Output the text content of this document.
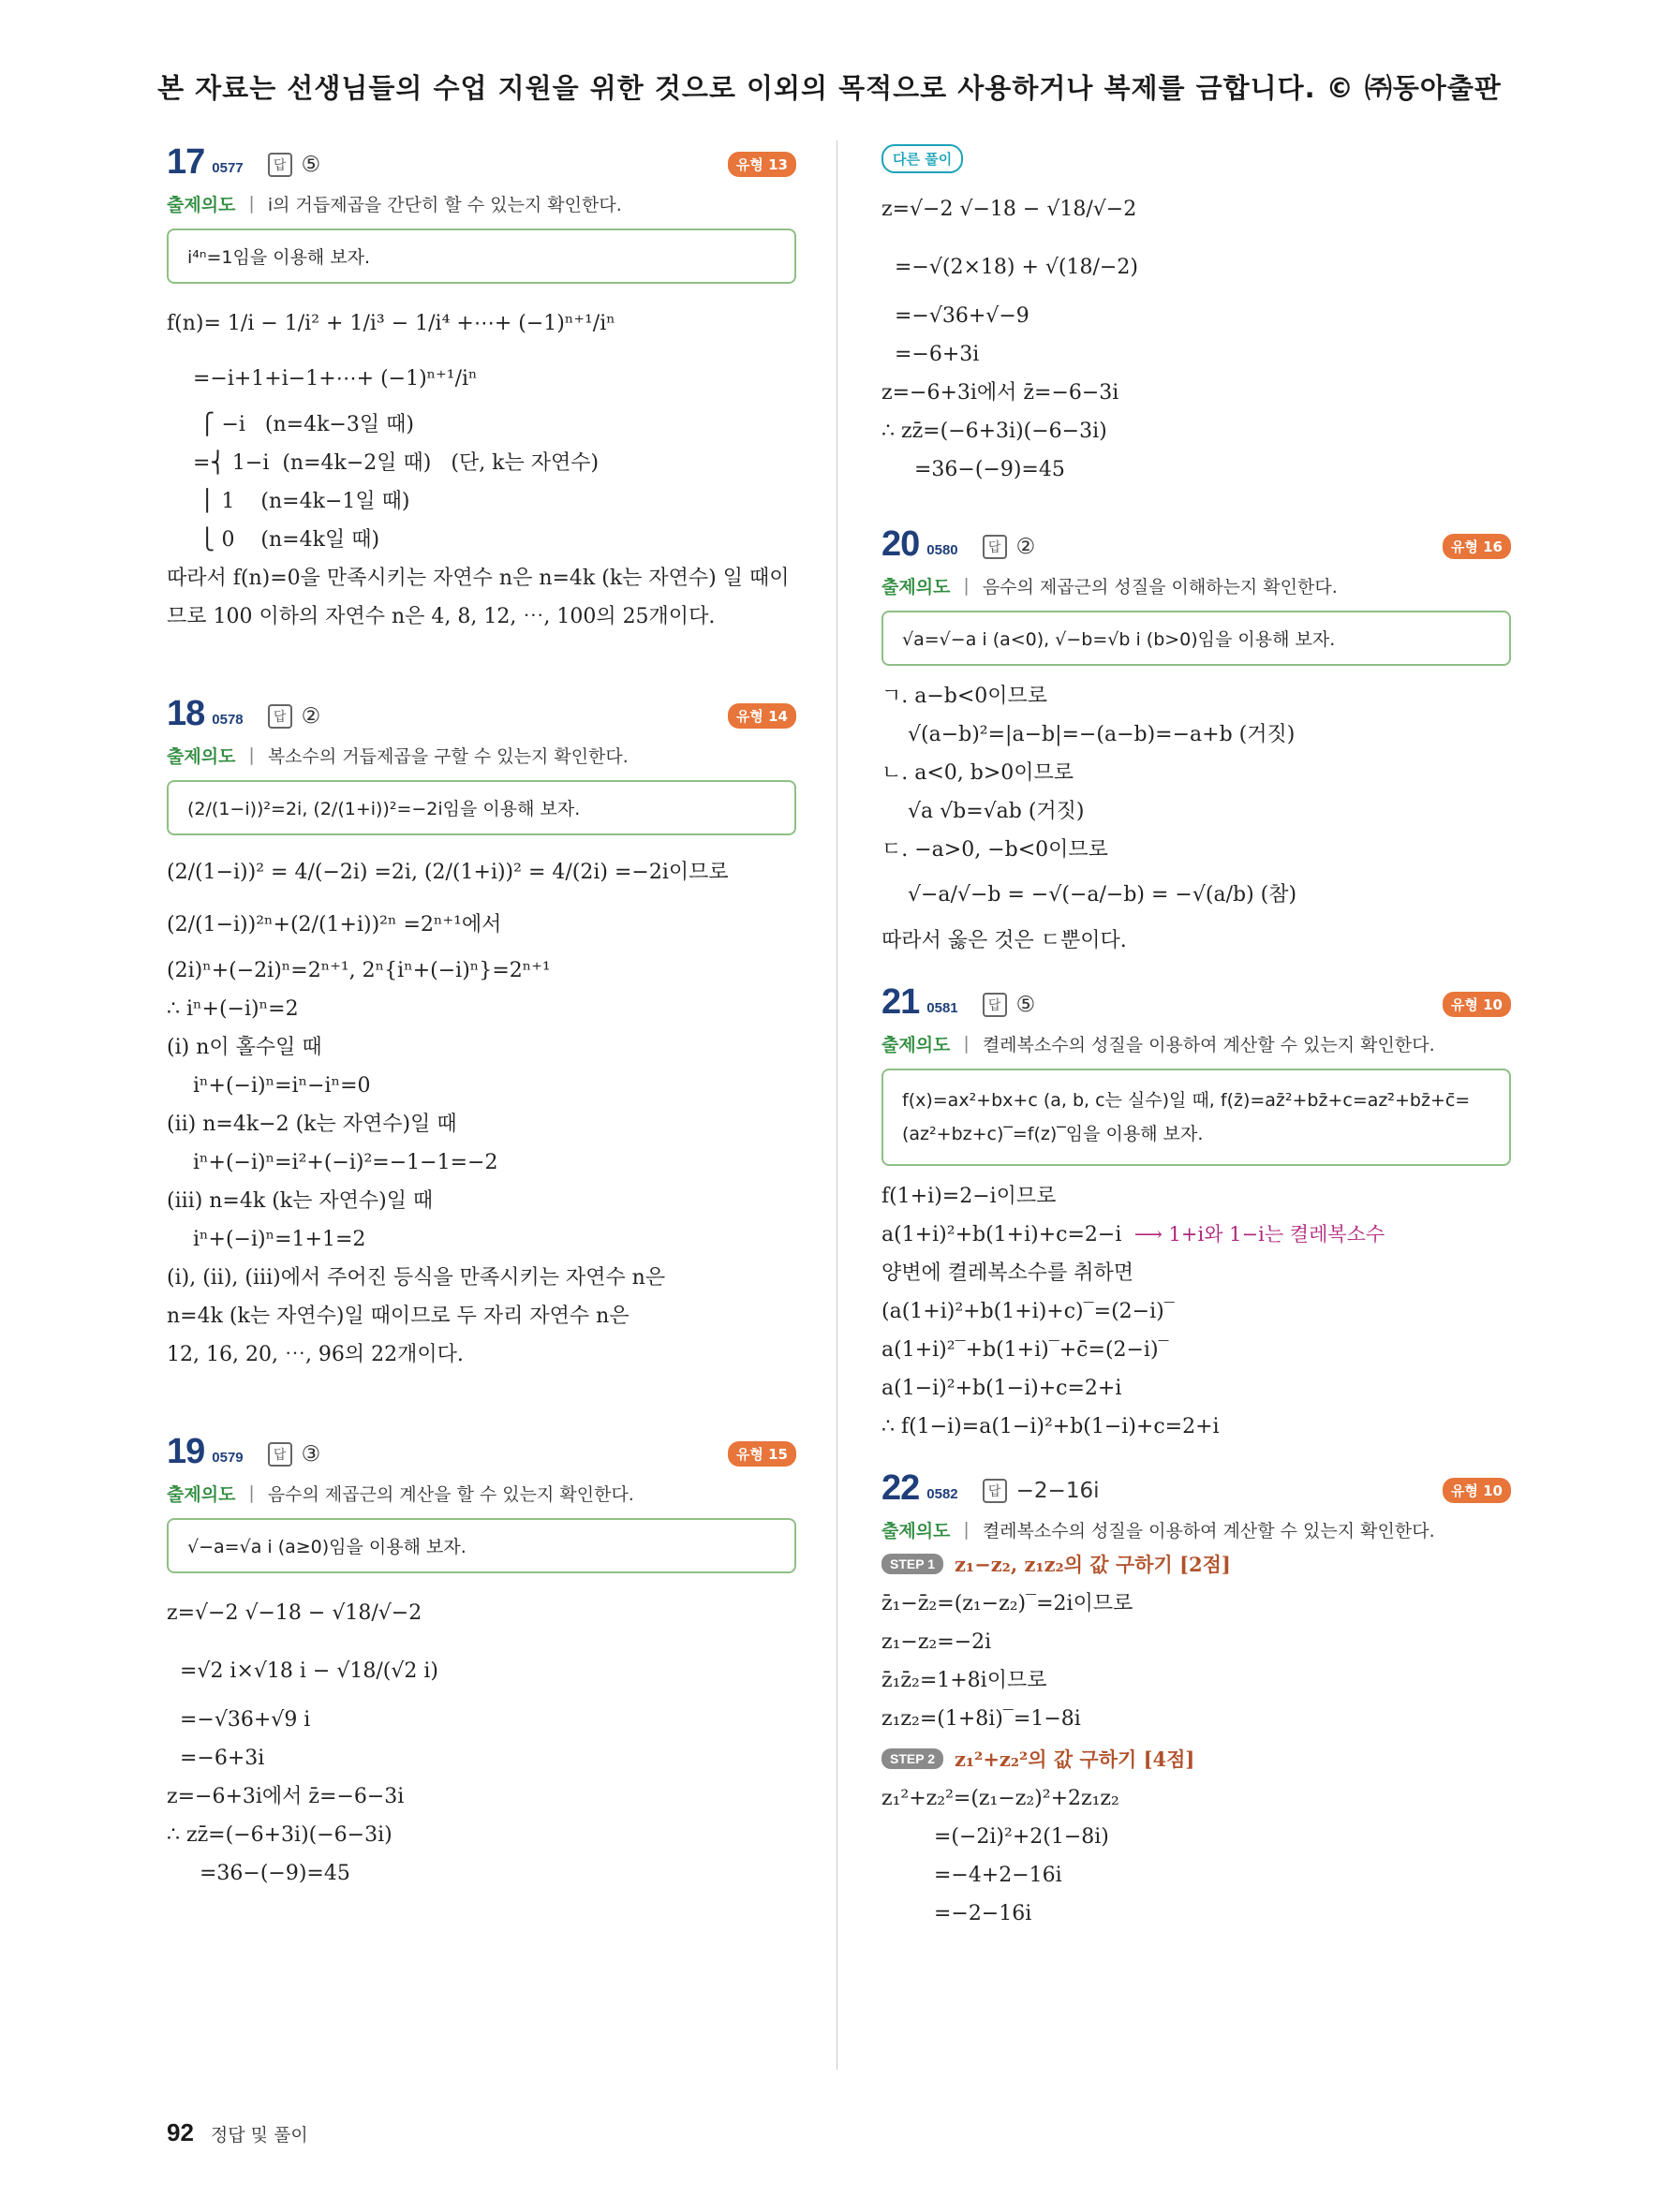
본 자료는 선생님들의 수업 지원을 위한 것으로 이외의 목적으로 사용하거나 복제를 금합니다. © ㈜동아출판
17 0577	답 ⑤	유형 13
출제의도 | i의 거듭제곱을 간단히 할 수 있는지 확인한다.
i⁴ⁿ=1임을 이용해 보자.
f(n)= 1/i − 1/i² + 1/i³ − 1/i⁴ +⋯+ (−1)ⁿ⁺¹/iⁿ
=−i+1+i−1+⋯+ (−1)ⁿ⁺¹/iⁿ
⎧ −i   (n=4k−3일 때)
=⎨ 1−i  (n=4k−2일 때)   (단, k는 자연수)
⎪ 1    (n=4k−1일 때)
⎩ 0    (n=4k일 때)
따라서 f(n)=0을 만족시키는 자연수 n은 n=4k (k는 자연수) 일 때이므로 100 이하의 자연수 n은 4, 8, 12, ⋯, 100의 25개이다.
18 0578	답 ②	유형 14
출제의도 | 복소수의 거듭제곱을 구할 수 있는지 확인한다.
(2/(1−i))²=2i, (2/(1+i))²=−2i임을 이용해 보자.
(2/(1−i))² = 4/(−2i) =2i, (2/(1+i))² = 4/(2i) =−2i이므로
(2/(1−i))²ⁿ+(2/(1+i))²ⁿ =2ⁿ⁺¹에서
(2i)ⁿ+(−2i)ⁿ=2ⁿ⁺¹, 2ⁿ{iⁿ+(−i)ⁿ}=2ⁿ⁺¹
∴ iⁿ+(−i)ⁿ=2
(ⅰ) n이 홀수일 때
iⁿ+(−i)ⁿ=iⁿ−iⁿ=0
(ⅱ) n=4k−2 (k는 자연수)일 때
iⁿ+(−i)ⁿ=i²+(−i)²=−1−1=−2
(ⅲ) n=4k (k는 자연수)일 때
iⁿ+(−i)ⁿ=1+1=2
(ⅰ), (ⅱ), (ⅲ)에서 주어진 등식을 만족시키는 자연수 n은
n=4k (k는 자연수)일 때이므로 두 자리 자연수 n은
12, 16, 20, ⋯, 96의 22개이다.
19 0579	답 ③	유형 15
출제의도 | 음수의 제곱근의 계산을 할 수 있는지 확인한다.
√−a=√a i (a≥0)임을 이용해 보자.
z=√−2 √−18 − √18/√−2
=√2 i×√18 i − √18/(√2 i)
=−√36+√9 i
=−6+3i
z=−6+3i에서 z̄=−6−3i
∴ zz̄=(−6+3i)(−6−3i)
=36−(−9)=45
다른 풀이
z=√−2 √−18 − √18/√−2
=−√(2×18) + √(18/−2)
=−√36+√−9
=−6+3i
z=−6+3i에서 z̄=−6−3i
∴ zz̄=(−6+3i)(−6−3i)
=36−(−9)=45
20 0580	답 ②	유형 16
출제의도 | 음수의 제곱근의 성질을 이해하는지 확인한다.
√a=√−a i (a<0), √−b=√b i (b>0)임을 이용해 보자.
ㄱ. a−b<0이므로
√(a−b)²=|a−b|=−(a−b)=−a+b (거짓)
ㄴ. a<0, b>0이므로
√a √b=√ab (거짓)
ㄷ. −a>0, −b<0이므로
√−a/√−b = −√(−a/−b) = −√(a/b) (참)
따라서 옳은 것은 ㄷ뿐이다.
21 0581	답 ⑤	유형 10
출제의도 | 켤레복소수의 성질을 이용하여 계산할 수 있는지 확인한다.
f(x)=ax²+bx+c (a, b, c는 실수)일 때, f(z̄)=az̄²+bz̄+c=az²̄+bz̄+c̄=(az²+bz+c)‾=f(z)‾임을 이용해 보자.
f(1+i)=2−i이므로
a(1+i)²+b(1+i)+c=2−i  ⟶ 1+i와 1−i는 켤레복소수
양변에 켤레복소수를 취하면
(a(1+i)²+b(1+i)+c)‾=(2−i)‾
a(1+i)²‾+b(1+i)‾+c̄=(2−i)‾
a(1−i)²+b(1−i)+c=2+i
∴ f(1−i)=a(1−i)²+b(1−i)+c=2+i
22 0582	답 −2−16i	유형 10
출제의도 | 켤레복소수의 성질을 이용하여 계산할 수 있는지 확인한다.
STEP 1	z₁−z₂, z₁z₂의 값 구하기 [2점]
z̄₁−z̄₂=(z₁−z₂)‾=2i이므로
z₁−z₂=−2i
z̄₁z̄₂=1+8i이므로
z₁z₂=(1+8i)‾=1−8i
STEP 2	z₁²+z₂²의 값 구하기 [4점]
z₁²+z₂²=(z₁−z₂)²+2z₁z₂
=(−2i)²+2(1−8i)
=−4+2−16i
=−2−16i
92 정답 및 풀이
